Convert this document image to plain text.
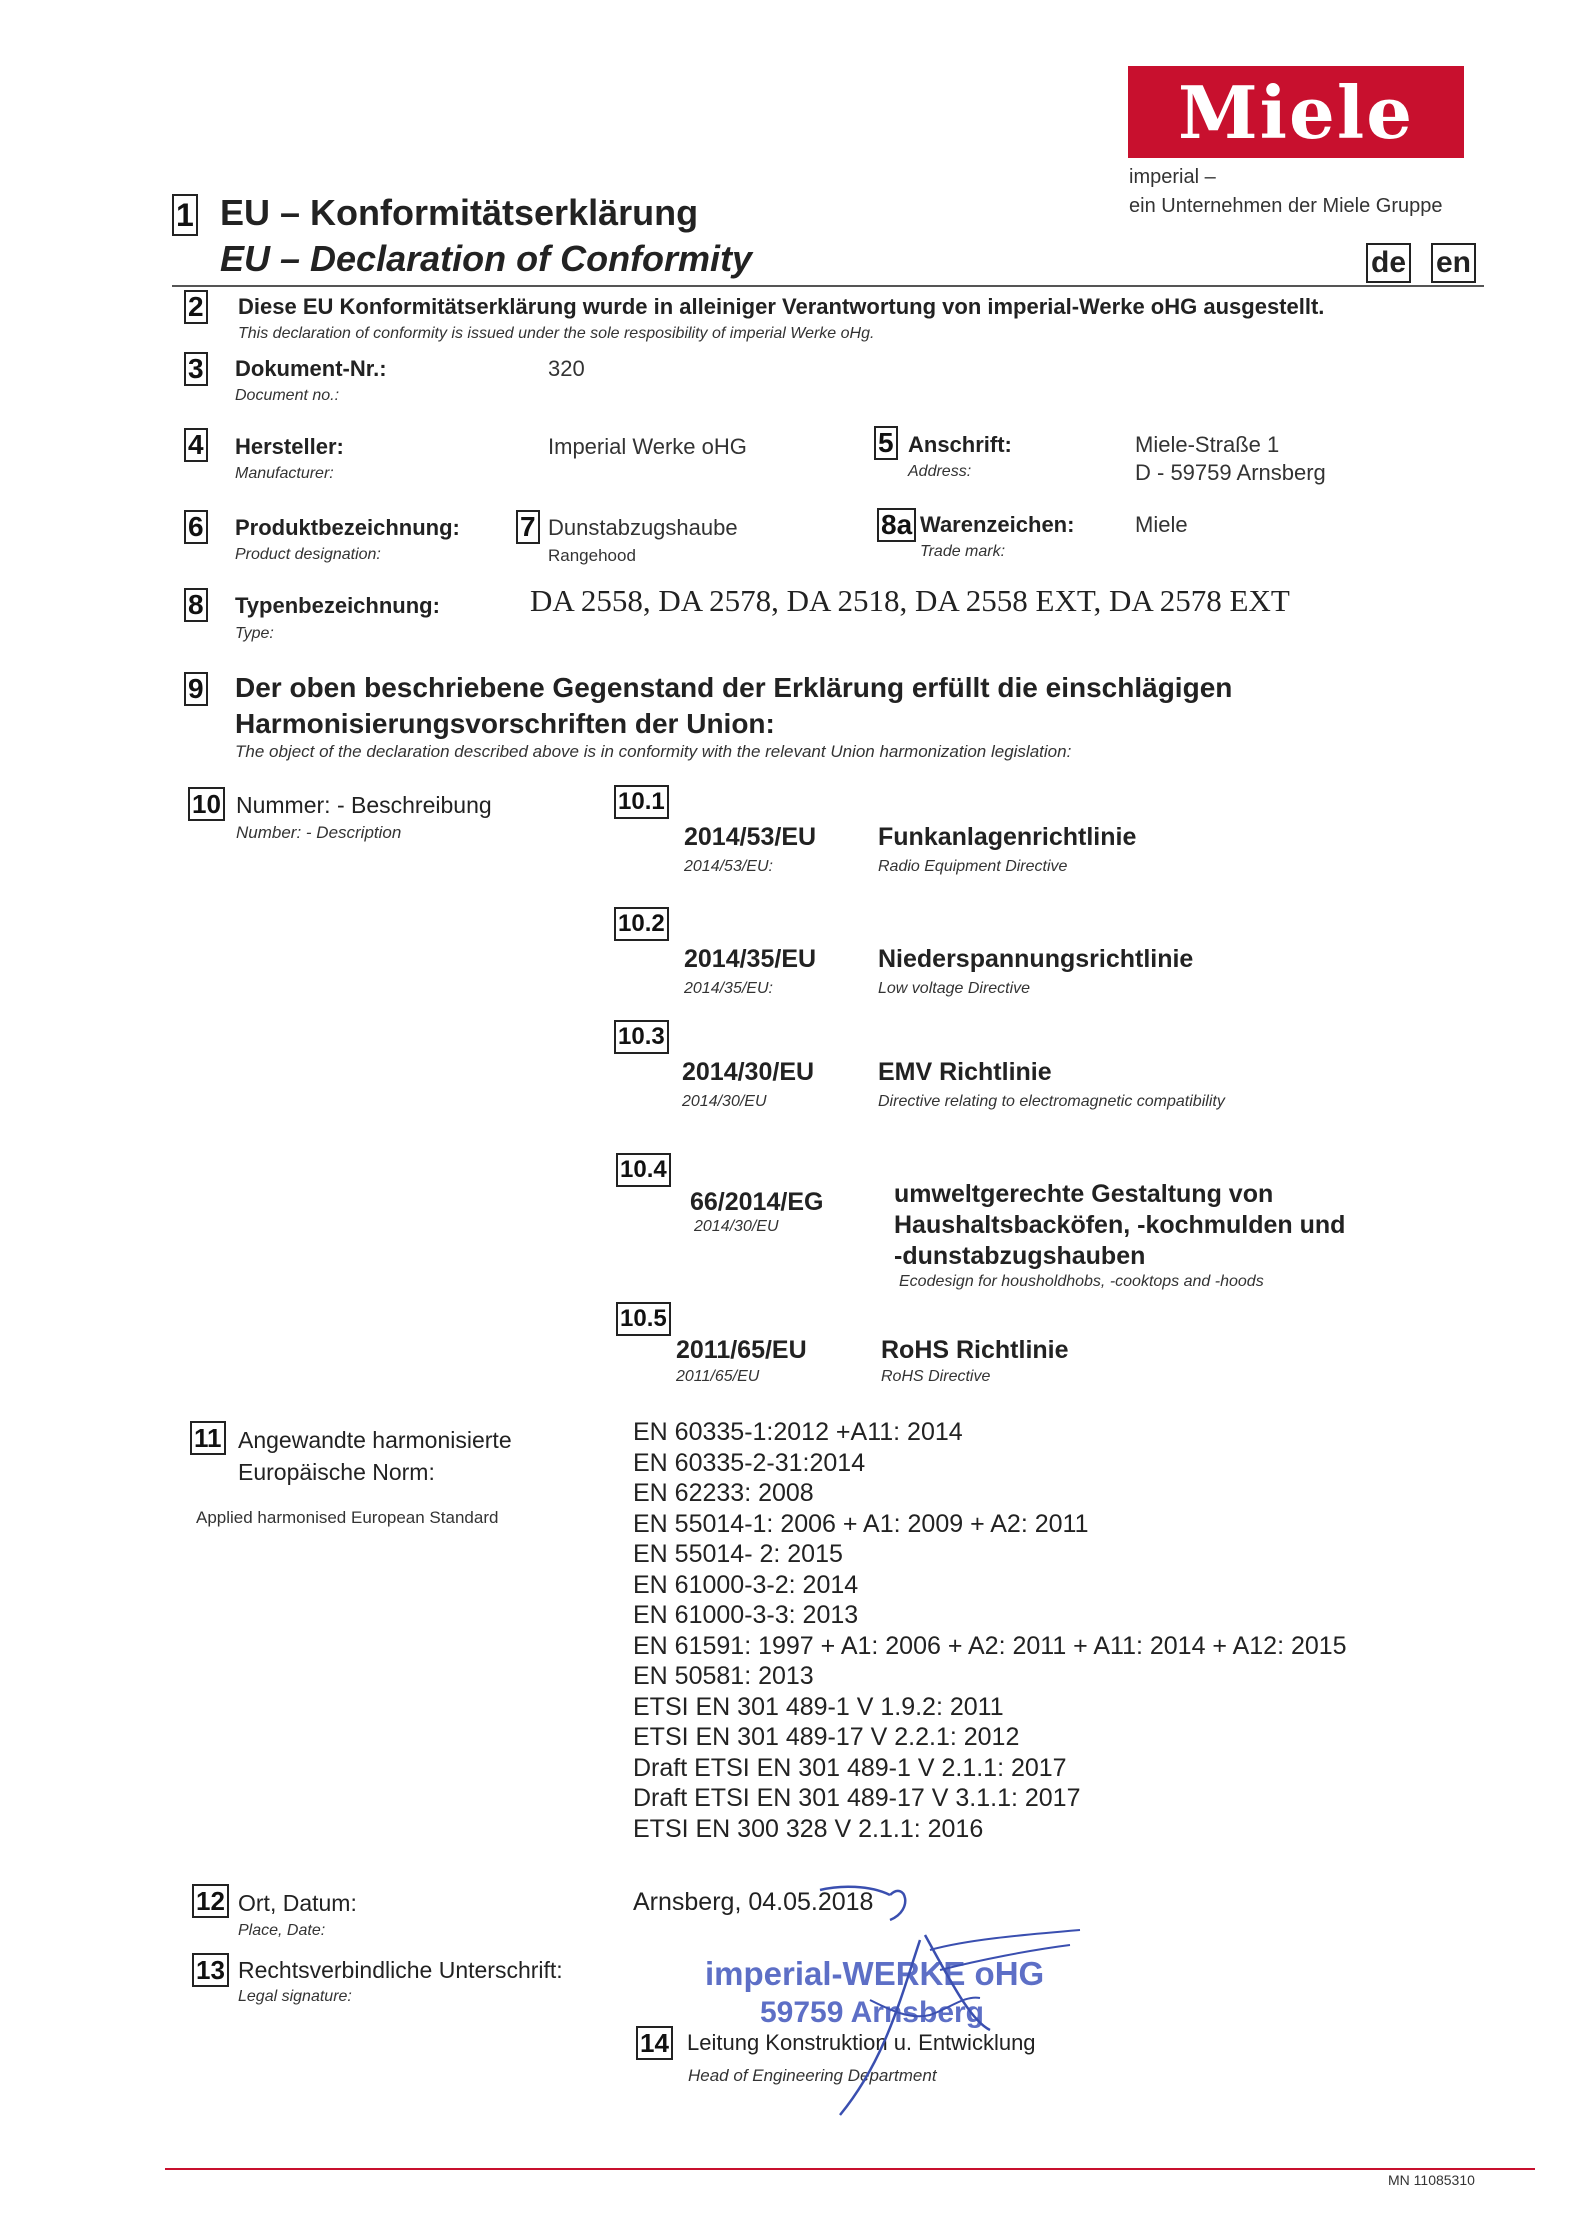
Miele
imperial –
ein Unternehmen der Miele Gruppe
1 EU – Konformitätserklärung
EU – Declaration of Conformity	de en
2 Diese EU Konformitätserklärung wurde in alleiniger Verantwortung von imperial-Werke oHG ausgestellt.
This declaration of conformity is issued under the sole resposibility of imperial Werke oHg.
3 Dokument-Nr.:
Document no.:
320
4 Hersteller:
Manufacturer:
Imperial Werke oHG	5 Anschrift:
Address:
Miele-Straße 1
D - 59759 Arnsberg
6 Produktbezeichnung:
Product designation:
7 Dunstabzugshaube
Rangehood
8a Warenzeichen:
Trade mark:
Miele
8 Typenbezeichnung:
Type:
DA 2558, DA 2578, DA 2518, DA 2558 EXT, DA 2578 EXT
9 Der oben beschriebene Gegenstand der Erklärung erfüllt die einschlägigen
Harmonisierungsvorschriften der Union:
The object of the declaration described above is in conformity with the relevant Union harmonization legislation:
10 Nummer: - Beschreibung
Number: - Description
10.1
2014/53/EU
2014/53/EU:
Funkanlagenrichtlinie
Radio Equipment Directive
10.2
2014/35/EU
2014/35/EU:
Niederspannungsrichtlinie
Low voltage Directive
10.3
2014/30/EU
2014/30/EU
EMV Richtlinie
Directive relating to electromagnetic compatibility
10.4
66/2014/EG
2014/30/EU
umweltgerechte Gestaltung von
Haushaltsbacköfen, -kochmulden und
-dunstabzugshauben
Ecodesign for housholdhobs, -cooktops and -hoods
10.5
2011/65/EU
2011/65/EU
RoHS Richtlinie
RoHS Directive
11 Angewandte harmonisierte
Europäische Norm:
Applied harmonised European Standard
EN 60335-1:2012 +A11: 2014
EN 60335-2-31:2014
EN 62233: 2008
EN 55014-1: 2006 + A1: 2009 + A2: 2011
EN 55014- 2: 2015
EN 61000-3-2: 2014
EN 61000-3-3: 2013
EN 61591: 1997 + A1: 2006 + A2: 2011 + A11: 2014 + A12: 2015
EN 50581: 2013
ETSI EN 301 489-1 V 1.9.2: 2011
ETSI EN 301 489-17 V 2.2.1: 2012
Draft ETSI EN 301 489-1 V 2.1.1: 2017
Draft ETSI EN 301 489-17 V 3.1.1: 2017
ETSI EN 300 328 V 2.1.1: 2016
12 Ort, Datum:
Place, Date:
Arnsberg, 04.05.2018
13 Rechtsverbindliche Unterschrift:
Legal signature:
imperial-WERKE oHG
59759 Arnsberg
14 Leitung Konstruktion u. Entwicklung
Head of Engineering Department
MN 11085310
